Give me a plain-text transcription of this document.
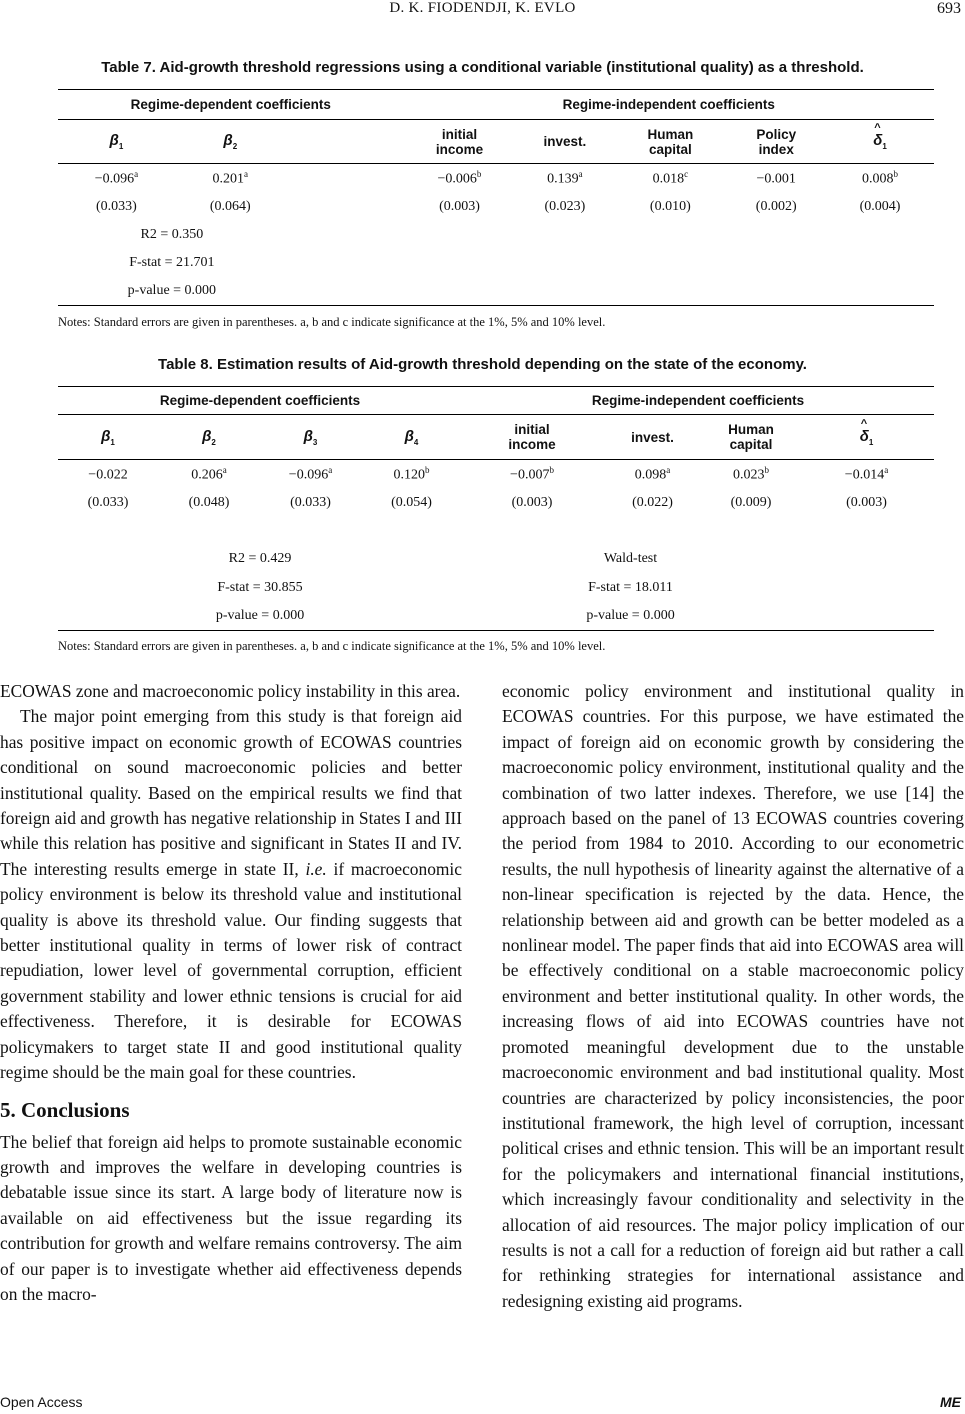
D. K. FIODENDJI, K. EVLO	693
Table 7. Aid-growth threshold regressions using a conditional variable (institutional quality) as a threshold.
Regime-dependent coefficients			Regime-independent coefficients				
$\beta_1$	$\beta_2$		initial income	invest.	Human capital	Policy index	^ $\delta_1$
−0.096$^a$	0.201$^a$		−0.006$^b$	0.139$^a$	0.018$^c$	−0.001	0.008$^b$
(0.033)	(0.064)		(0.003)	(0.023)	(0.010)	(0.002)	(0.004)
R2 = 0.350							
F-stat = 21.701							
p-value = 0.000							
Notes: Standard errors are given in parentheses. a, b and c indicate significance at the 1%, 5% and 10% level.
Table 8. Estimation results of Aid-growth threshold depending on the state of the economy.
Regime-dependent coefficients				Regime-independent coefficients			
$\beta_1$	$\beta_2$	$\beta_3$	$\beta_4$	initial income	invest.	Human capital	^ $\delta_1$
−0.022	0.206$^a$	−0.096$^a$	0.120$^b$	−0.007$^b$	0.098$^a$	0.023$^b$	−0.014$^a$
(0.033)	(0.048)	(0.033)	(0.054)	(0.003)	(0.022)	(0.009)	(0.003)

R2 = 0.429				Wald-test			
F-stat = 30.855				F-stat = 18.011			
p-value = 0.000				p-value = 0.000			
Notes: Standard errors are given in parentheses. a, b and c indicate significance at the 1%, 5% and 10% level.

ECOWAS zone and macroeconomic policy instability in this area.

The major point emerging from this study is that foreign aid has positive impact on economic growth of ECOWAS countries conditional on sound macroeconomic policies and better institutional quality. Based on the empirical results we find that foreign aid and growth has negative relationship in States I and III while this relation has positive and significant in States II and IV. The interesting results emerge in state II, i.e. if macroeconomic policy environment is below its threshold value and institutional quality is above its threshold value. Our finding suggests that better institutional quality in terms of lower risk of contract repudiation, lower level of governmental corruption, efficient government stability and lower ethnic tensions is crucial for aid effectiveness. Therefore, it is desirable for ECOWAS policymakers to target state II and good institutional quality regime should be the main goal for these countries.

5. Conclusions

The belief that foreign aid helps to promote sustainable economic growth and improves the welfare in developing countries is debatable issue since its start. A large body of literature now is available on aid effectiveness but the issue regarding its contribution for growth and welfare remains controversy. The aim of our paper is to investigate whether aid effectiveness depends on the macro-

economic policy environment and institutional quality in ECOWAS countries. For this purpose, we have estimated the impact of foreign aid on economic growth by considering the macroeconomic policy environment, institutional quality and the combination of two latter indexes. Therefore, we use [14] the approach based on the panel of 13 ECOWAS countries covering the period from 1984 to 2010. According to our econometric results, the null hypothesis of linearity against the alternative of a non-linear specification is rejected by the data. Hence, the relationship between aid and growth can be better modeled as a nonlinear model. The paper finds that aid into ECOWAS area will be effectively conditional on a stable macroeconomic policy environment and better institutional quality. In other words, the increasing flows of aid into ECOWAS countries have not promoted meaningful development due to the unstable macroeconomic environment and bad institutional quality. Most countries are characterized by policy inconsistencies, the poor institutional framework, the high level of corruption, incessant political crises and ethnic tension. This will be an important result for the policymakers and international financial institutions, which increasingly favour conditionality and selectivity in the allocation of aid resources. The major policy implication of our results is not a call for a reduction of foreign aid but rather a call for rethinking strategies for international assistance and redesigning existing aid programs.

Open Access	ME
